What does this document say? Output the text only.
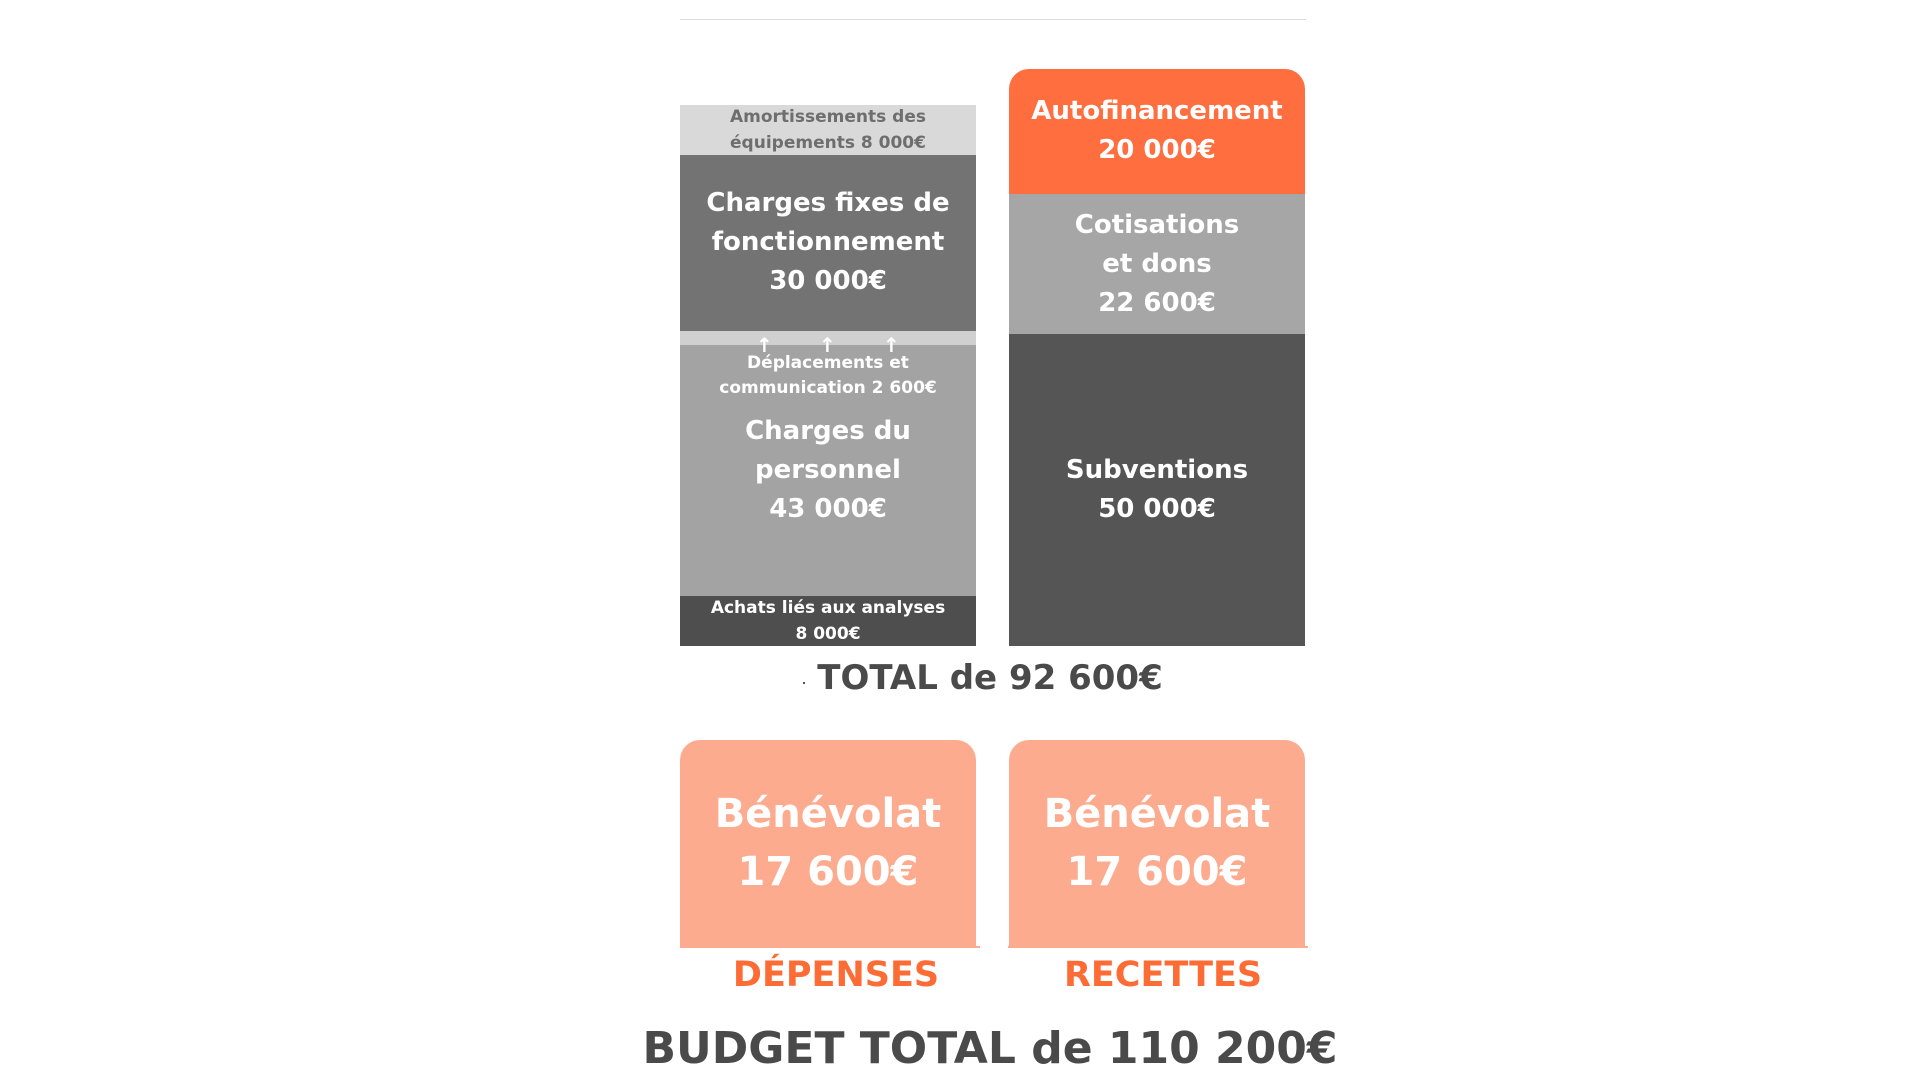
Achats liés aux analyses
8 000€
Charges du
personnel
43 000€
Charges fixes de
fonctionnement
30 000€
Amortissements des
équipements 8 000€
↑ ↑ ↑
Déplacements et
communication 2 600€
Subventions
50 000€
Cotisations
et dons
22 600€
Autofinancement
20 000€
TOTAL de 92 600€
Bénévolat
17 600€
Bénévolat
17 600€
DÉPENSES	RECETTES
BUDGET TOTAL de 110 200€
